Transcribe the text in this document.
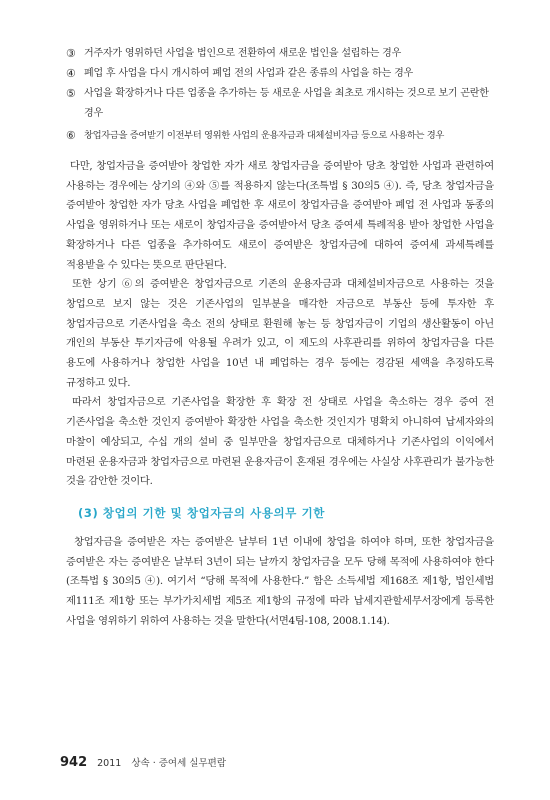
③ 거주자가 영위하던 사업을 법인으로 전환하여 새로운 법인을 설립하는 경우
④ 폐업 후 사업을 다시 개시하여 폐업 전의 사업과 같은 종류의 사업을 하는 경우
⑤ 사업을 확장하거나 다른 업종을 추가하는 등 새로운 사업을 최초로 개시하는 것으로 보기 곤란한 경우
⑥ 창업자금을 증여받기 이전부터 영위한 사업의 운용자금과 대체설비자금 등으로 사용하는 경우

다만, 창업자금을 증여받아 창업한 자가 새로 창업자금을 증여받아 당초 창업한 사업과 관련하여 사용하는 경우에는 상기의 ④와 ⑤를 적용하지 않는다(조특법 § 30의5 ④). 즉, 당초 창업자금을 증여받아 창업한 자가 당초 사업을 폐업한 후 새로이 창업자금을 증여받아 폐업 전 사업과 동종의 사업을 영위하거나 또는 새로이 창업자금을 증여받아서 당초 증여세 특례적용 받아 창업한 사업을 확장하거나 다른 업종을 추가하여도 새로이 증여받은 창업자금에 대하여 증여세 과세특례를 적용받을 수 있다는 뜻으로 판단된다.

또한 상기 ⑥의 증여받은 창업자금으로 기존의 운용자금과 대체설비자금으로 사용하는 것을 창업으로 보지 않는 것은 기존사업의 일부분을 매각한 자금으로 부동산 등에 투자한 후 창업자금으로 기존사업을 축소 전의 상태로 환원해 놓는 등 창업자금이 기업의 생산활동이 아닌 개인의 부동산 투기자금에 악용될 우려가 있고, 이 제도의 사후관리를 위하여 창업자금을 다른 용도에 사용하거나 창업한 사업을 10년 내 폐업하는 경우 등에는 경감된 세액을 추징하도록 규정하고 있다.

따라서 창업자금으로 기존사업을 확장한 후 확장 전 상태로 사업을 축소하는 경우 증여 전 기존사업을 축소한 것인지 증여받아 확장한 사업을 축소한 것인지가 명확치 아니하여 납세자와의 마찰이 예상되고, 수십 개의 설비 중 일부만을 창업자금으로 대체하거나 기존사업의 이익에서 마련된 운용자금과 창업자금으로 마련된 운용자금이 혼재된 경우에는 사실상 사후관리가 불가능한 것을 감안한 것이다.

(3) 창업의 기한 및 창업자금의 사용의무 기한

창업자금을 증여받은 자는 증여받은 날부터 1년 이내에 창업을 하여야 하며, 또한 창업자금을 증여받은 자는 증여받은 날부터 3년이 되는 날까지 창업자금을 모두 당해 목적에 사용하여야 한다(조특법 § 30의5 ④). 여기서 “당해 목적에 사용한다.” 함은 소득세법 제168조 제1항, 법인세법 제111조 제1항 또는 부가가치세법 제5조 제1항의 규정에 따라 납세지관할세무서장에게 등록한 사업을 영위하기 위하여 사용하는 것을 말한다(서면4팀-108, 2008.1.14).

942 2011 상속 · 증여세 실무편람
